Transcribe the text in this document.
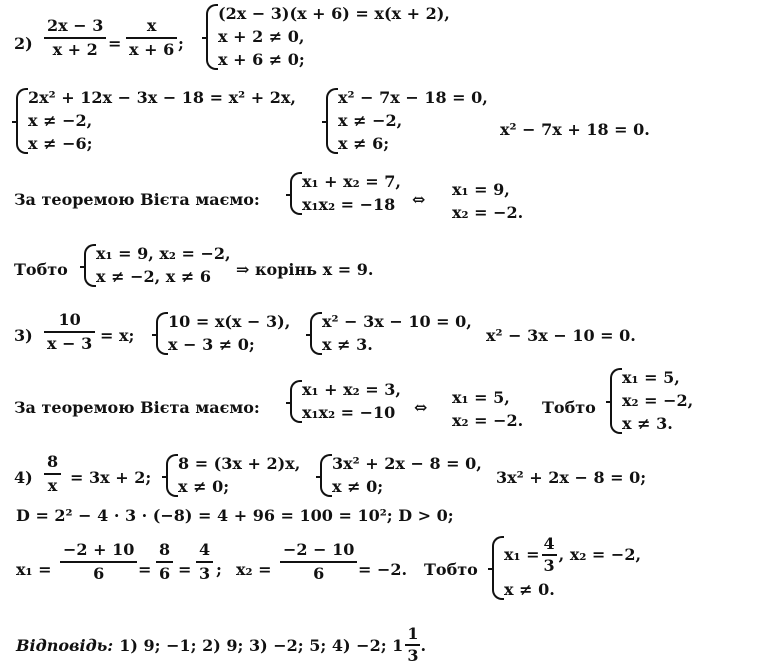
2)
2x − 3
x + 2 =
x
x + 6 ;
(2x − 3)(x + 6) = x(x + 2),
x + 2 ≠ 0,
x + 6 ≠ 0;
2x² + 12x − 3x − 18 = x² + 2x,
x ≠ −2,
x ≠ −6;
x² − 7x − 18 = 0,
x ≠ −2,
x ≠ 6;
x² − 7x + 18 = 0.
За теоремою Вієта маємо:
x₁ + x₂ = 7,
x₁x₂ = −18	⇔
x₁ = 9,
x₂ = −2.
Тобто
x₁ = 9, x₂ = −2,
x ≠ −2, x ≠ 6	⇒ корінь x = 9.
3)
10
x − 3 = x;
10 = x(x − 3),
x − 3 ≠ 0;
x² − 3x − 10 = 0,
x ≠ 3.	x² − 3x − 10 = 0.
За теоремою Вієта маємо:
x₁ + x₂ = 3,
x₁x₂ = −10	⇔
x₁ = 5,
x₂ = −2.
Тобто
x₁ = 5,
x₂ = −2,
x ≠ 3.
4)
8
x = 3x + 2;
8 = (3x + 2)x,
x ≠ 0;
3x² + 2x − 8 = 0,
x ≠ 0;	3x² + 2x − 8 = 0;
D = 2² − 4 · 3 · (−8) = 4 + 96 = 100 = 10²; D > 0;
x₁ =
−2 + 10
6 =
8
6 =
4
3 ; x₂ =
−2 − 10
6 = −2. Тобто
x₁ =
4
3
, x₂ = −2,
x ≠ 0.
Відповідь: 1) 9; −1; 2) 9; 3) −2; 5; 4) −2; 1
1
3
.
